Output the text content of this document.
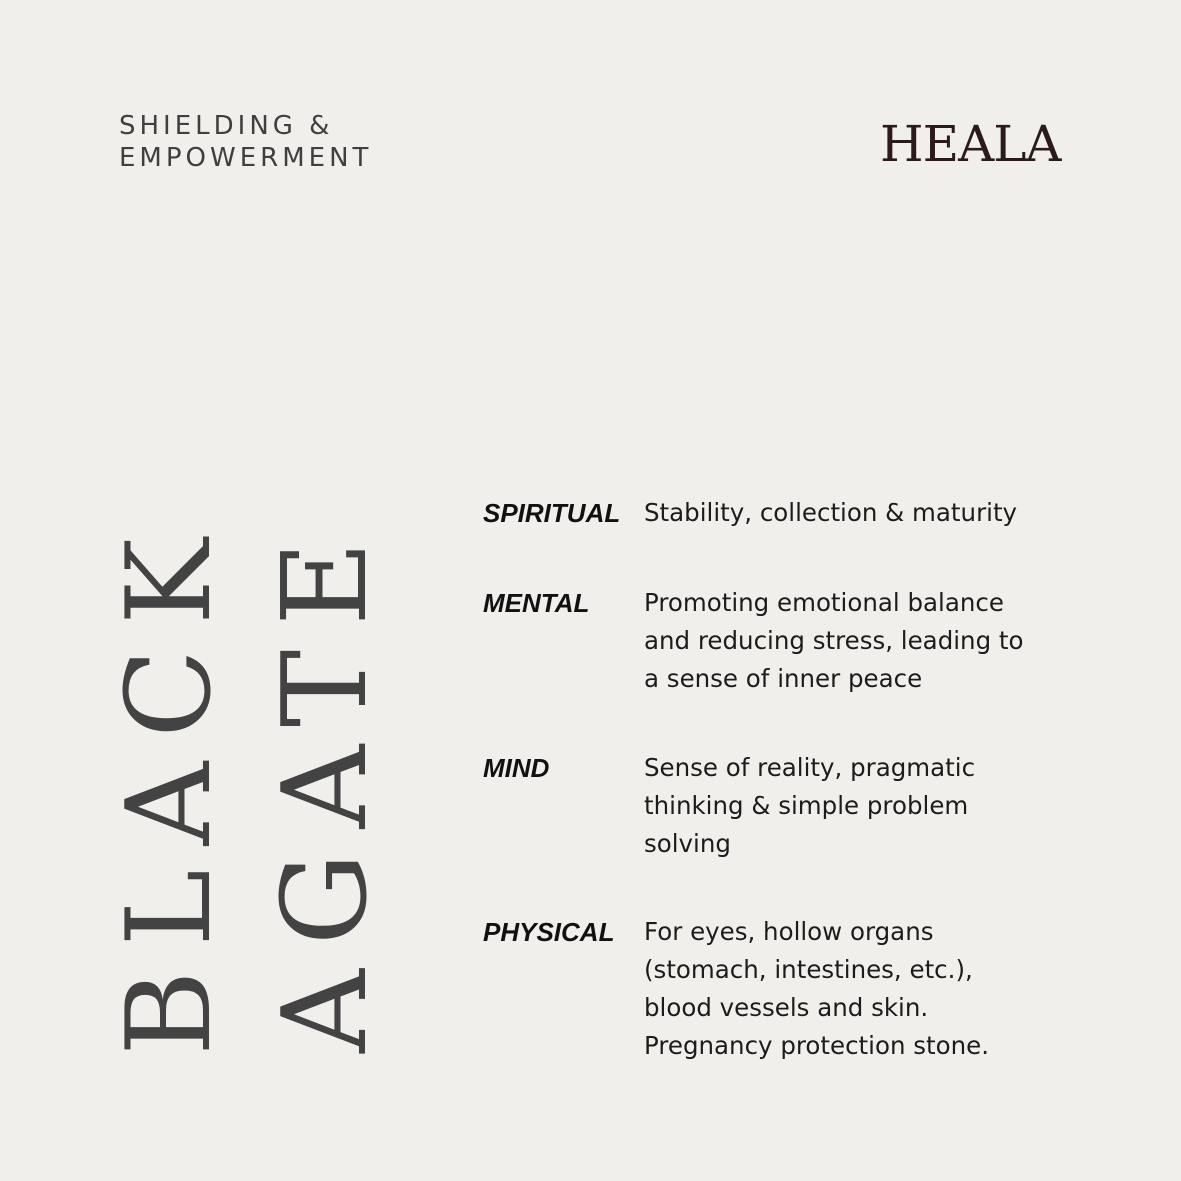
SHIELDING &
EMPOWERMENT	HEALA
BLACK AGATE
SPIRITUAL Stability, collection & maturity
MENTAL Promoting emotional balance
and reducing stress, leading to
a sense of inner peace
MIND	Sense of reality, pragmatic
thinking & simple problem
solving
PHYSICAL For eyes, hollow organs
(stomach, intestines, etc.),
blood vessels and skin.
Pregnancy protection stone.
